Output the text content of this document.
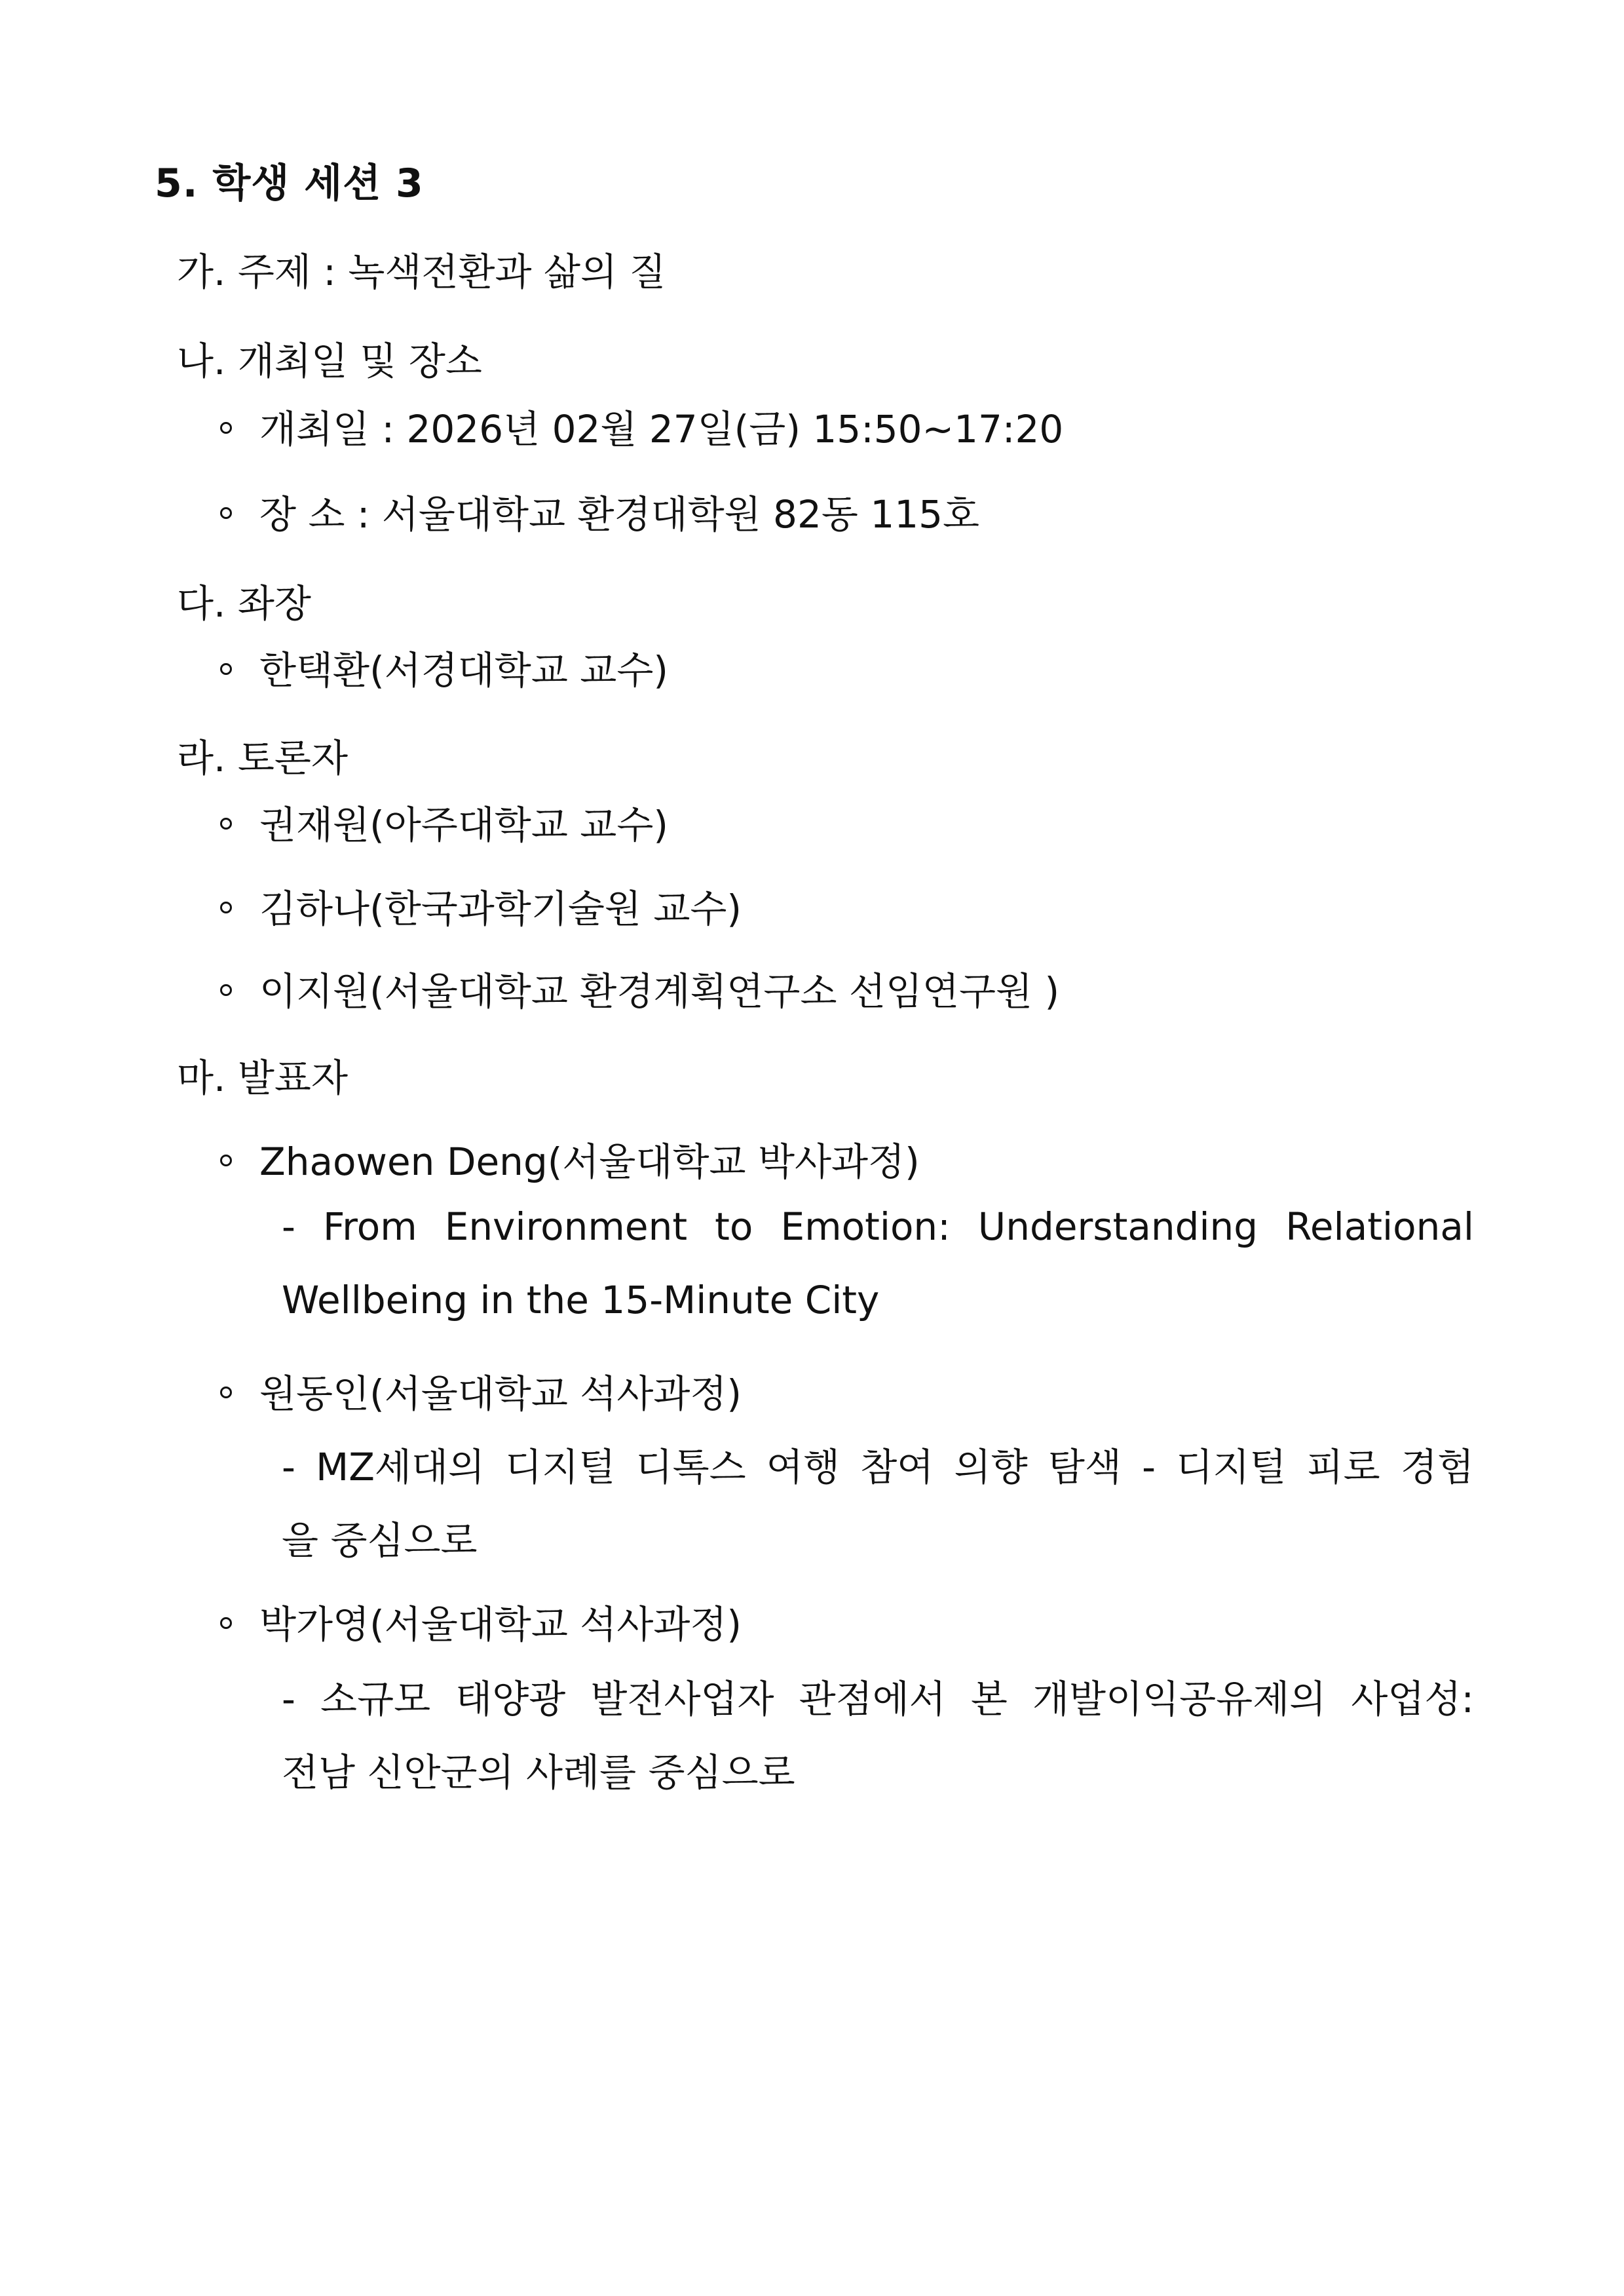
5. 학생 세션 3
가. 주제 : 녹색전환과 삶의 질
나. 개최일 및 장소
개최일 : 2026년 02월 27일(금) 15:50~17:20
장 소 : 서울대학교 환경대학원 82동 115호
다. 좌장
한택환(서경대학교 교수)
라. 토론자
권재원(아주대학교 교수)
김하나(한국과학기술원 교수)
이지원(서울대학교 환경계획연구소 선임연구원 )
마. 발표자
Zhaowen Deng(서울대학교 박사과정)
- From Environment to Emotion: Understanding Relational
Wellbeing in the 15-Minute City
원동인(서울대학교 석사과정)
- MZ세대의 디지털 디톡스 여행 참여 의향 탐색 - 디지털 피로 경험
을 중심으로
박가영(서울대학교 석사과정)
- 소규모 태양광 발전사업자 관점에서 본 개발이익공유제의 사업성:
전남 신안군의 사례를 중심으로
